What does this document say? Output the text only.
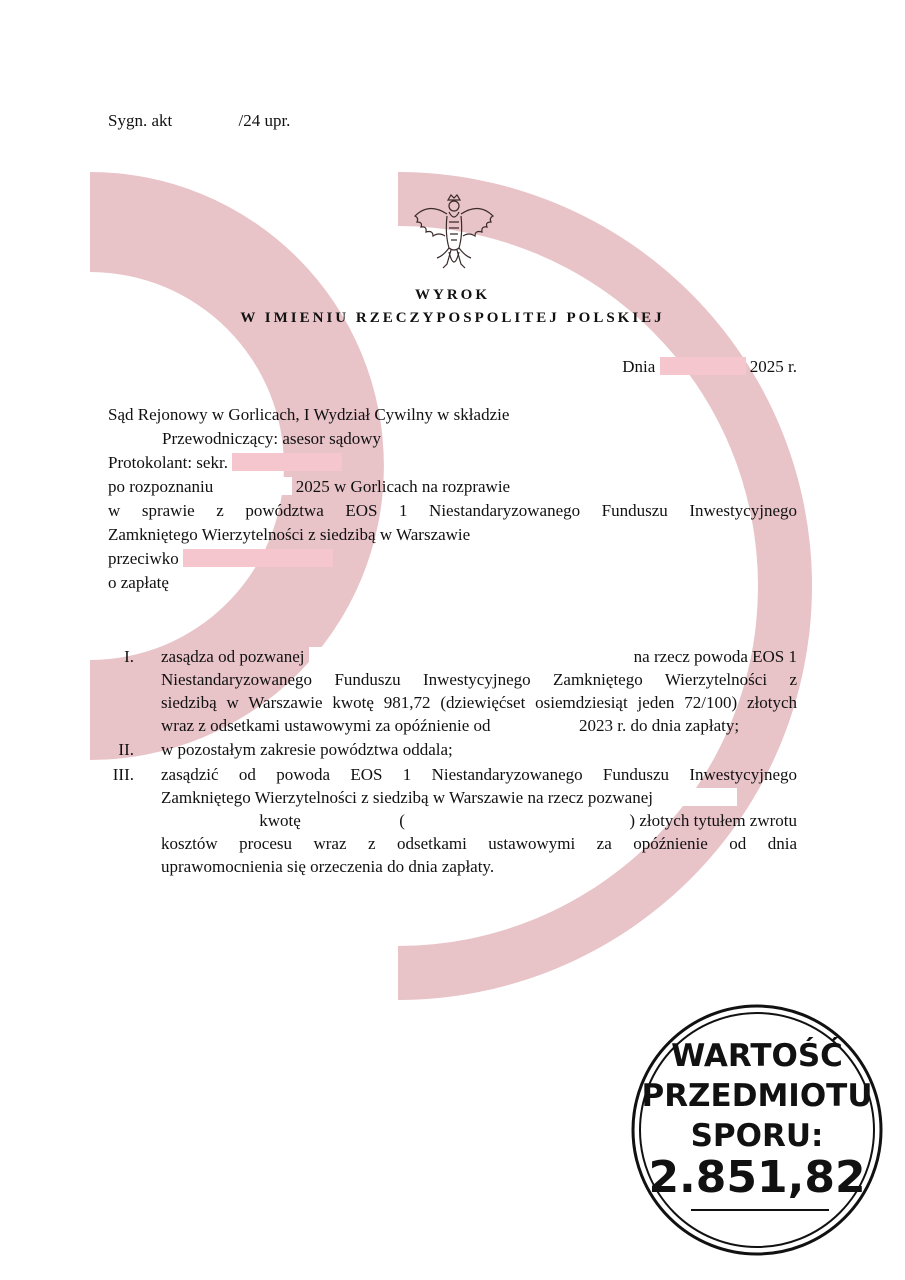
Sygn. akt	/24 upr.
WYROK
W IMIENIU RZECZYPOSPOLITEJ POLSKIEJ
Dnia	2025 r.
Sąd Rejonowy w Gorlicach, I Wydział Cywilny w składzie
Przewodniczący: asesor sądowy
Protokolant: sekr.
po rozpoznaniu	2025 w Gorlicach na rozprawie
w sprawie z powództwa EOS 1 Niestandaryzowanego Funduszu Inwestycyjnego
Zamkniętego Wierzytelności z siedzibą w Warszawie
przeciwko
o zapłatę
I. zasądza od pozwanej	na rzecz powoda EOS 1
Niestandaryzowanego Funduszu Inwestycyjnego Zamkniętego Wierzytelności z
siedzibą w Warszawie kwotę 981,72 (dziewięćset osiemdziesiąt jeden 72/100) złotych
wraz z odsetkami ustawowymi za opóźnienie od	2023 r. do dnia zapłaty;
II. w pozostałym zakresie powództwa oddala;
III. zasądzić od powoda EOS 1 Niestandaryzowanego Funduszu Inwestycyjnego
Zamkniętego Wierzytelności z siedzibą w Warszawie na rzecz pozwanej
kwotę	(	) złotych tytułem zwrotu
kosztów procesu wraz z odsetkami ustawowymi za opóźnienie od dnia
uprawomocnienia się orzeczenia do dnia zapłaty.
WARTOŚĆ
PRZEDMIOTU
SPORU:
2.851,82
